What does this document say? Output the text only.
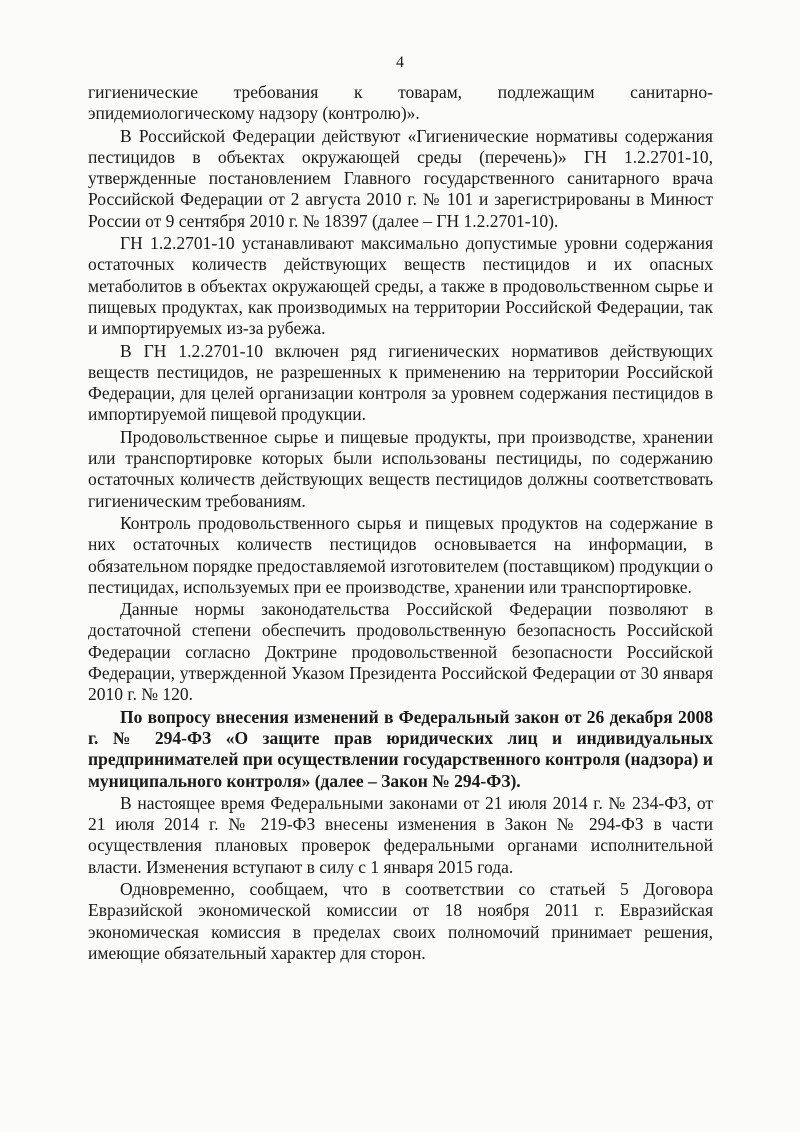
4

гигиенические требования к товарам, подлежащим санитарно-эпидемиологическому надзору (контролю)».

В Российской Федерации действуют «Гигиенические нормативы содержания пестицидов в объектах окружающей среды (перечень)» ГН 1.2.2701-10, утвержденные постановлением Главного государственного санитарного врача Российской Федерации от 2 августа 2010 г. № 101 и зарегистрированы в Минюст России от 9 сентября 2010 г. № 18397 (далее – ГН 1.2.2701-10).

ГН 1.2.2701-10 устанавливают максимально допустимые уровни содержания остаточных количеств действующих веществ пестицидов и их опасных метаболитов в объектах окружающей среды, а также в продовольственном сырье и пищевых продуктах, как производимых на территории Российской Федерации, так и импортируемых из-за рубежа.

В ГН 1.2.2701-10 включен ряд гигиенических нормативов действующих веществ пестицидов, не разрешенных к применению на территории Российской Федерации, для целей организации контроля за уровнем содержания пестицидов в импортируемой пищевой продукции.

Продовольственное сырье и пищевые продукты, при производстве, хранении или транспортировке которых были использованы пестициды, по содержанию остаточных количеств действующих веществ пестицидов должны соответствовать гигиеническим требованиям.

Контроль продовольственного сырья и пищевых продуктов на содержание в них остаточных количеств пестицидов основывается на информации, в обязательном порядке предоставляемой изготовителем (поставщиком) продукции о пестицидах, используемых при ее производстве, хранении или транспортировке.

Данные нормы законодательства Российской Федерации позволяют в достаточной степени обеспечить продовольственную безопасность Российской Федерации согласно Доктрине продовольственной безопасности Российской Федерации, утвержденной Указом Президента Российской Федерации от 30 января 2010 г. № 120.

По вопросу внесения изменений в Федеральный закон от 26 декабря 2008 г. № 294-ФЗ «О защите прав юридических лиц и индивидуальных предпринимателей при осуществлении государственного контроля (надзора) и муниципального контроля» (далее – Закон № 294-ФЗ).

В настоящее время Федеральными законами от 21 июля 2014 г. № 234-ФЗ, от 21 июля 2014 г. № 219-ФЗ внесены изменения в Закон № 294-ФЗ в части осуществления плановых проверок федеральными органами исполнительной власти. Изменения вступают в силу с 1 января 2015 года.

Одновременно, сообщаем, что в соответствии со статьей 5 Договора Евразийской экономической комиссии от 18 ноября 2011 г. Евразийская экономическая комиссия в пределах своих полномочий принимает решения, имеющие обязательный характер для сторон.
